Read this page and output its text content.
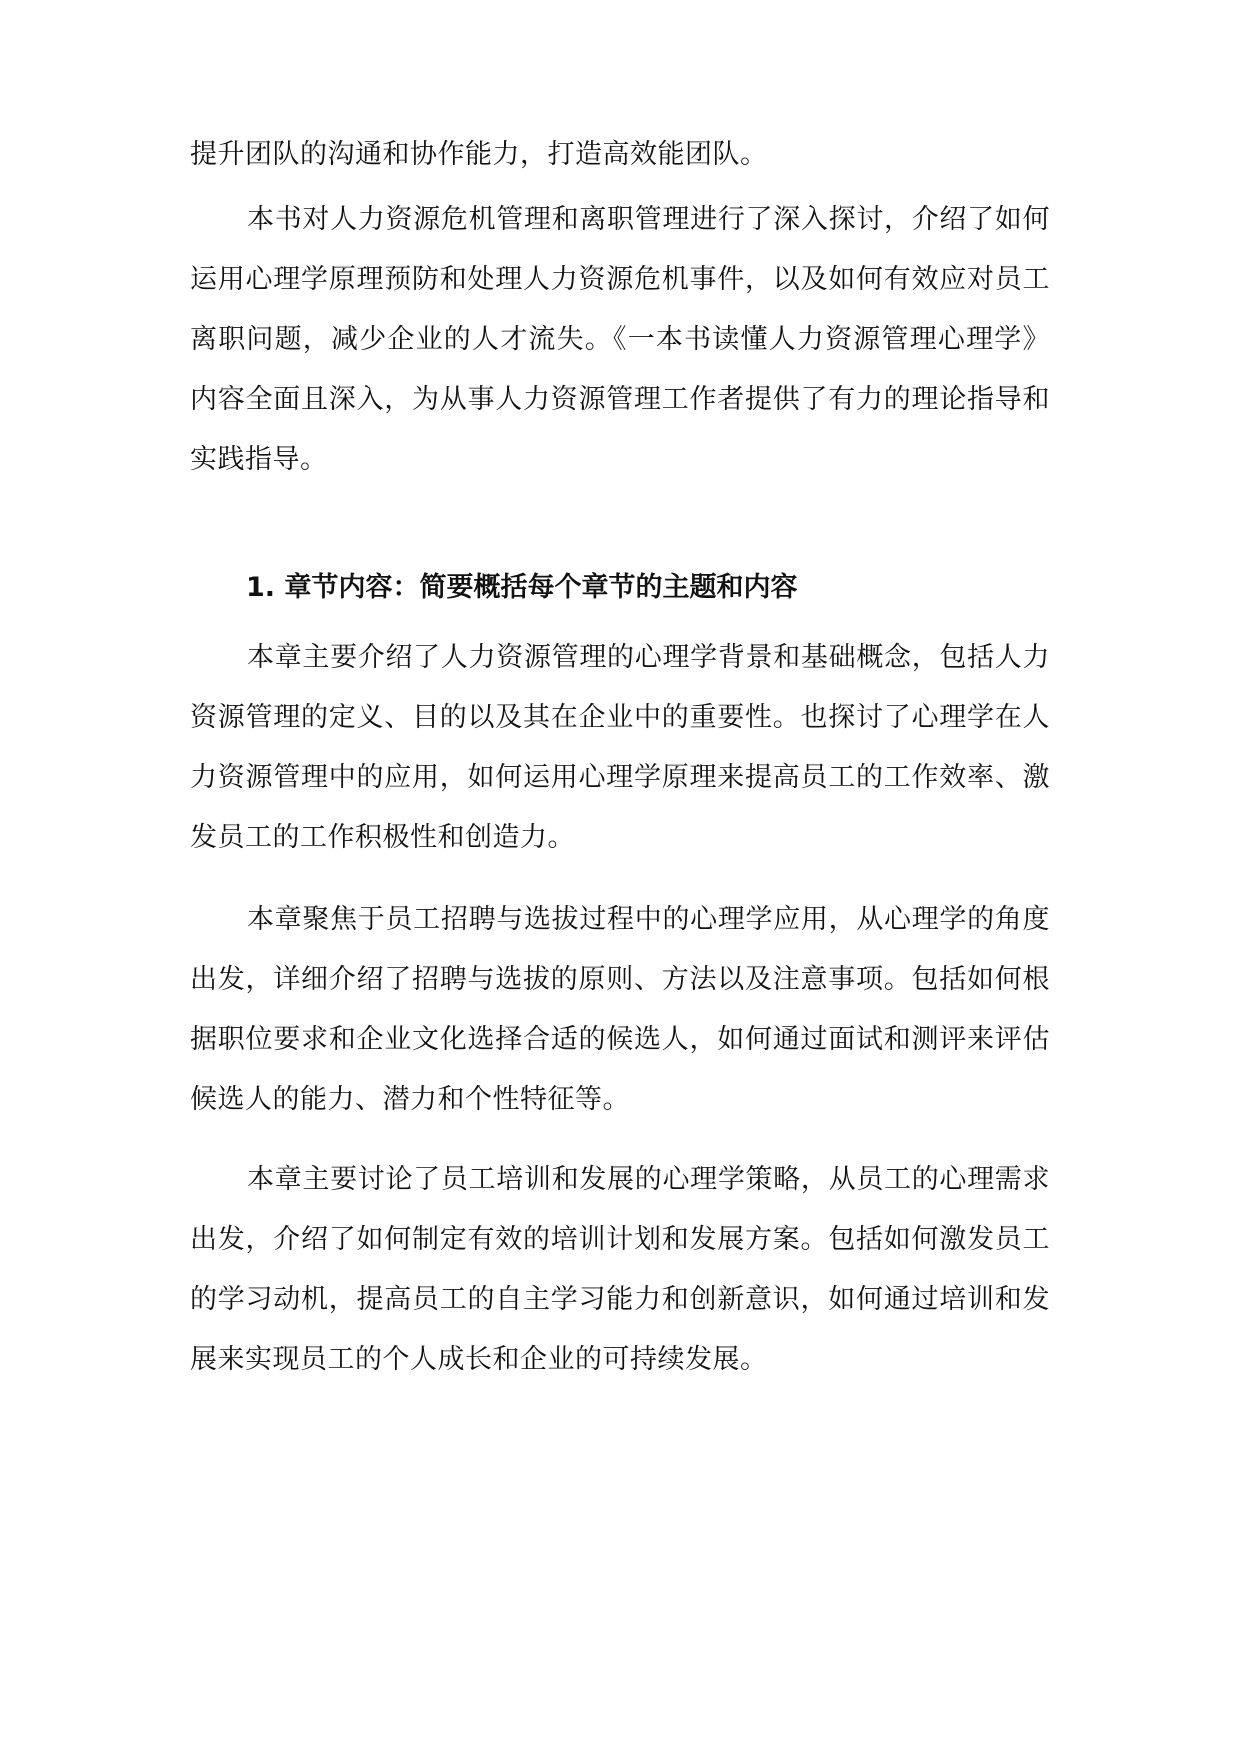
提升团队的沟通和协作能力，打造高效能团队。

本书对人力资源危机管理和离职管理进行了深入探讨，介绍了如何运用心理学原理预防和处理人力资源危机事件，以及如何有效应对员工离职问题，减少企业的人才流失。《一本书读懂人力资源管理心理学》内容全面且深入，为从事人力资源管理工作者提供了有力的理论指导和实践指导。

1. 章节内容：简要概括每个章节的主题和内容

本章主要介绍了人力资源管理的心理学背景和基础概念，包括人力资源管理的定义、目的以及其在企业中的重要性。也探讨了心理学在人力资源管理中的应用，如何运用心理学原理来提高员工的工作效率、激发员工的工作积极性和创造力。

本章聚焦于员工招聘与选拔过程中的心理学应用，从心理学的角度出发，详细介绍了招聘与选拔的原则、方法以及注意事项。包括如何根据职位要求和企业文化选择合适的候选人，如何通过面试和测评来评估候选人的能力、潜力和个性特征等。

本章主要讨论了员工培训和发展的心理学策略，从员工的心理需求出发，介绍了如何制定有效的培训计划和发展方案。包括如何激发员工的学习动机，提高员工的自主学习能力和创新意识，如何通过培训和发展来实现员工的个人成长和企业的可持续发展。
